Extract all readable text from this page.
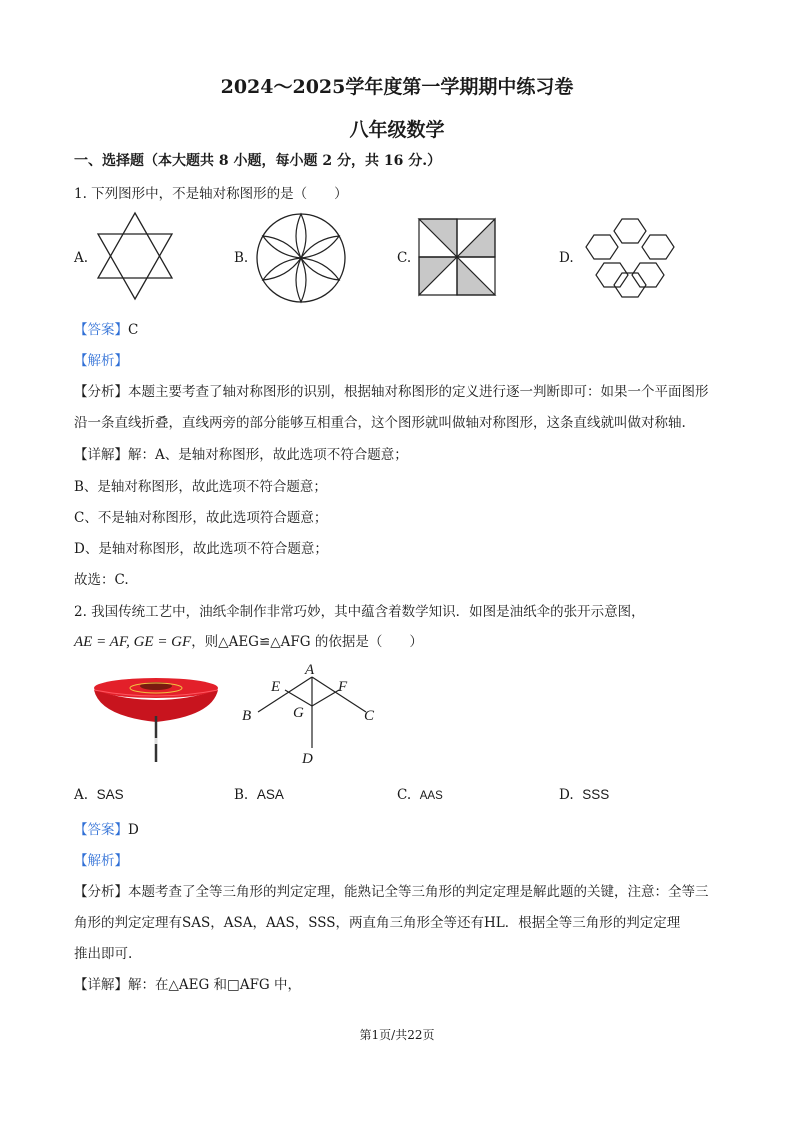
2024～2025学年度第一学期期中练习卷
八年级数学
一、选择题（本大题共 8 小题，每小题 2 分，共 16 分.）
1. 下列图形中，不是轴对称图形的是（　　）
A.	B.	C.	D.
【答案】C
【解析】
【分析】本题主要考查了轴对称图形的识别，根据轴对称图形的定义进行逐一判断即可：如果一个平面图形
沿一条直线折叠，直线两旁的部分能够互相重合，这个图形就叫做轴对称图形，这条直线就叫做对称轴.
【详解】解：A、是轴对称图形，故此选项不符合题意；
B、是轴对称图形，故此选项不符合题意；
C、不是轴对称图形，故此选项符合题意；
D、是轴对称图形，故此选项不符合题意；
故选：C.
2. 我国传统工艺中，油纸伞制作非常巧妙，其中蕴含着数学知识．如图是油纸伞的张开示意图，
AE = AF, GE = GF，则△AEG≌△AFG 的依据是（　　）
A
E	F
B	G	C
D
A. SAS	B. ASA	C. AAS	D. SSS
【答案】D
【解析】
【分析】本题考查了全等三角形的判定定理，能熟记全等三角形的判定定理是解此题的关键，注意：全等三
角形的判定定理有SAS，ASA，AAS，SSS，两直角三角形全等还有HL．根据全等三角形的判定定理
推出即可.
【详解】解：在△AEG 和□AFG 中，
第1页/共22页
